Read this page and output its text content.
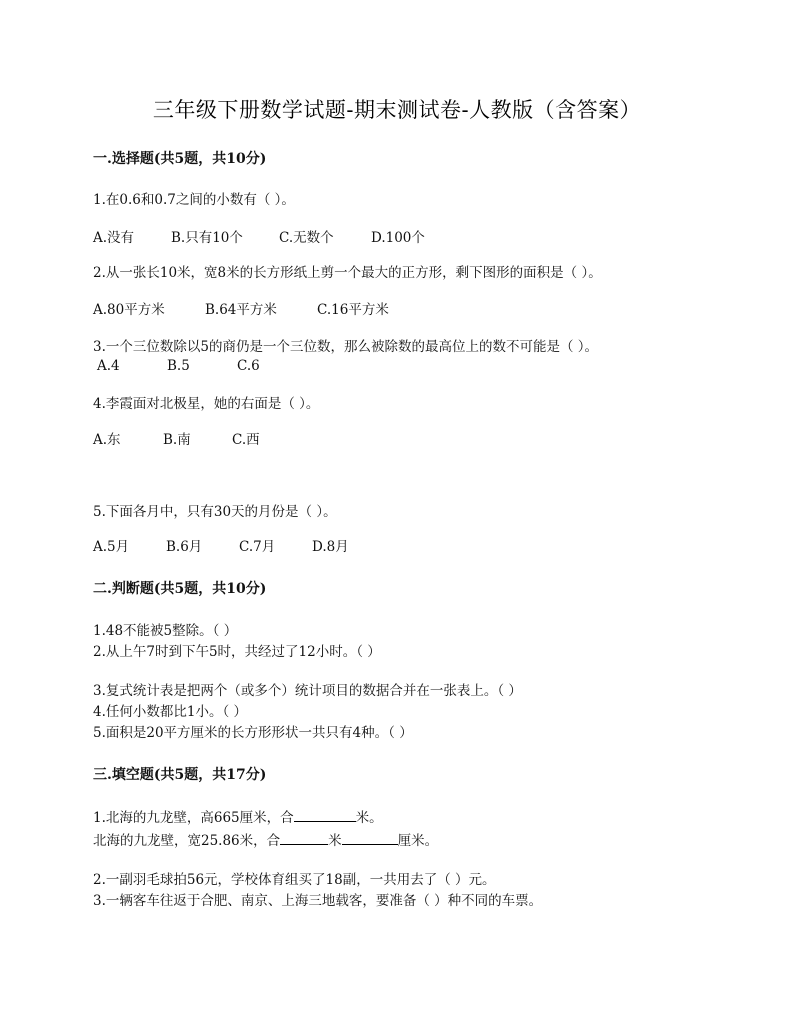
三年级下册数学试题-期末测试卷-人教版（含答案）
一.选择题(共5题，共10分)
1.在0.6和0.7之间的小数有（ ）。
A.没有	B.只有10个	C.无数个	D.100个
2.从一张长10米，宽8米的长方形纸上剪一个最大的正方形，剩下图形的面积是（ ）。
A.80平方米	B.64平方米	C.16平方米
3.一个三位数除以5的商仍是一个三位数，那么被除数的最高位上的数不可能是（ ）。
A.4	B.5	C.6
4.李霞面对北极星，她的右面是（ ）。
A.东	B.南	C.西
5.下面各月中，只有30天的月份是（ ）。
A.5月	B.6月	C.7月	D.8月
二.判断题(共5题，共10分)
1.48不能被5整除。（ ）
2.从上午7时到下午5时，共经过了12小时。（ ）
3.复式统计表是把两个（或多个）统计项目的数据合并在一张表上。（ ）
4.任何小数都比1小。（ ）
5.面积是20平方厘米的长方形形状一共只有4种。（ ）
三.填空题(共5题，共17分)
1.北海的九龙壁，高665厘米，合	米。
北海的九龙壁，宽25.86米，合	米	厘米。
2.一副羽毛球拍56元，学校体育组买了18副，一共用去了（ ）元。
3.一辆客车往返于合肥、南京、上海三地载客，要准备（ ）种不同的车票。
